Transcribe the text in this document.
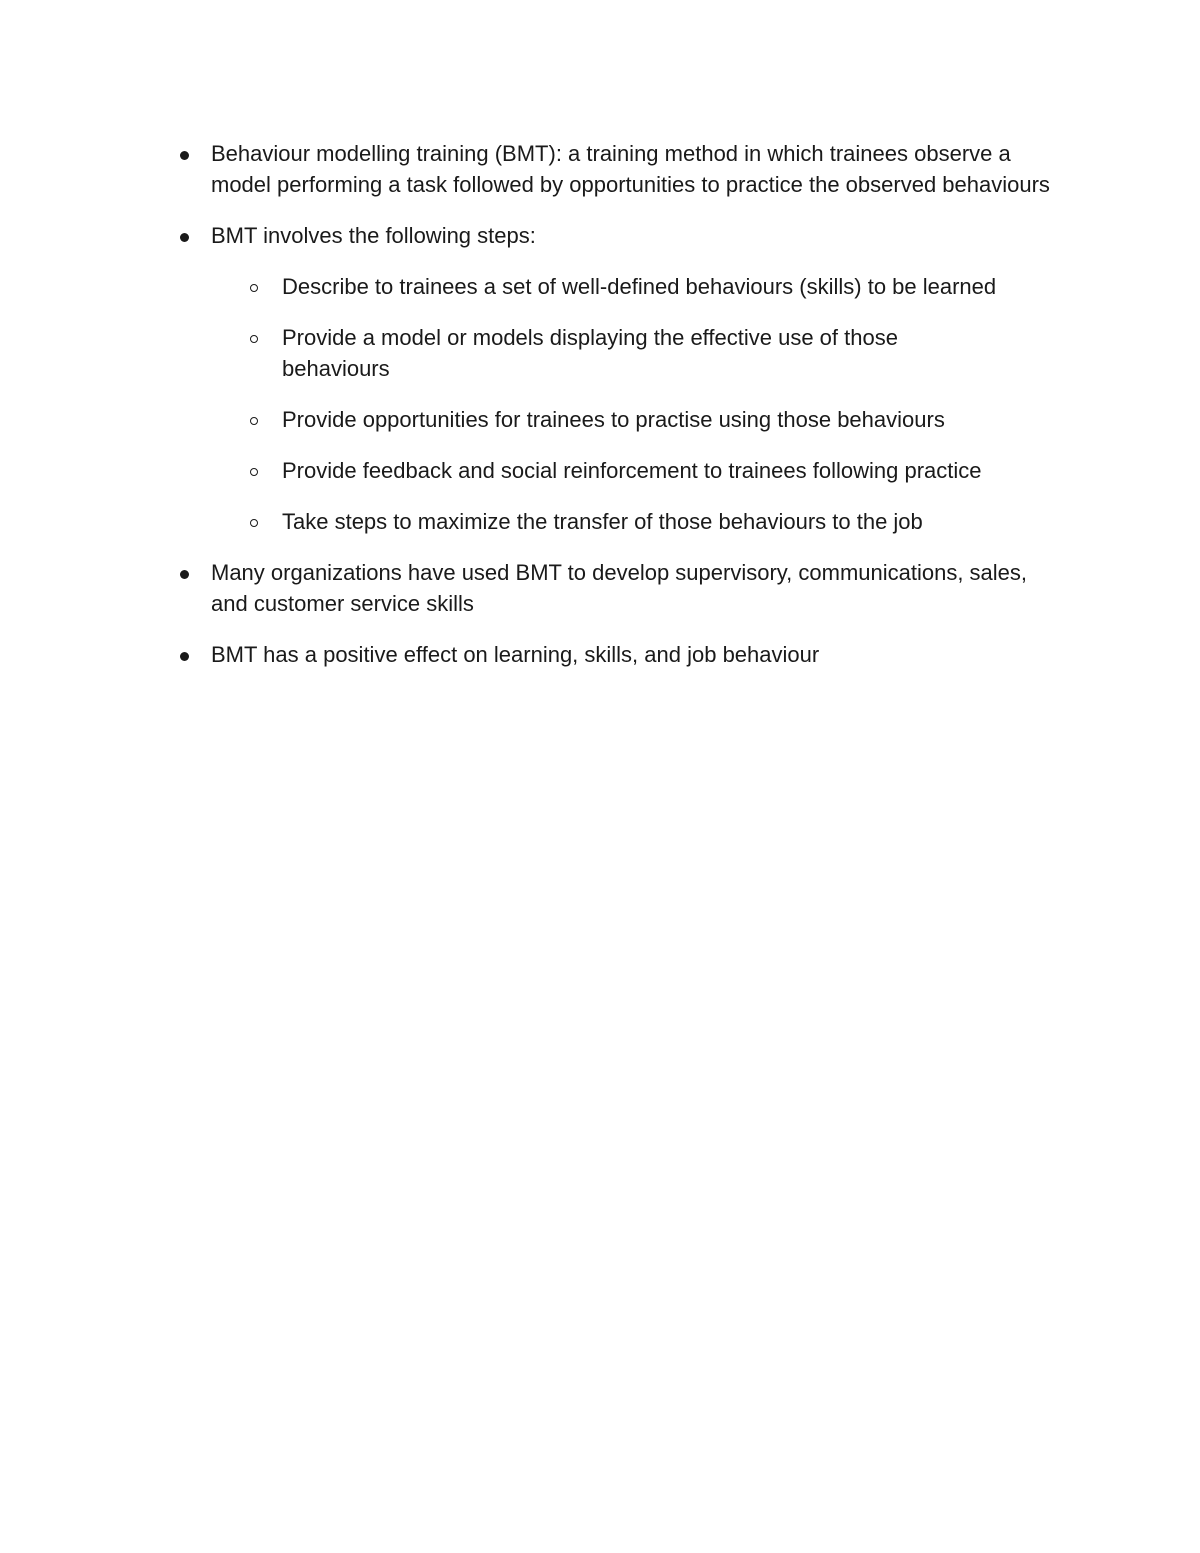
Behaviour modelling training (BMT): a training method in which trainees observe a model performing a task followed by opportunities to practice the observed behaviours
BMT involves the following steps:
Describe to trainees a set of well-defined behaviours (skills) to be learned
Provide a model or models displaying the effective use of those behaviours
Provide opportunities for trainees to practise using those behaviours
Provide feedback and social reinforcement to trainees following practice
Take steps to maximize the transfer of those behaviours to the job
Many organizations have used BMT to develop supervisory, communications, sales, and customer service skills
BMT has a positive effect on learning, skills, and job behaviour
